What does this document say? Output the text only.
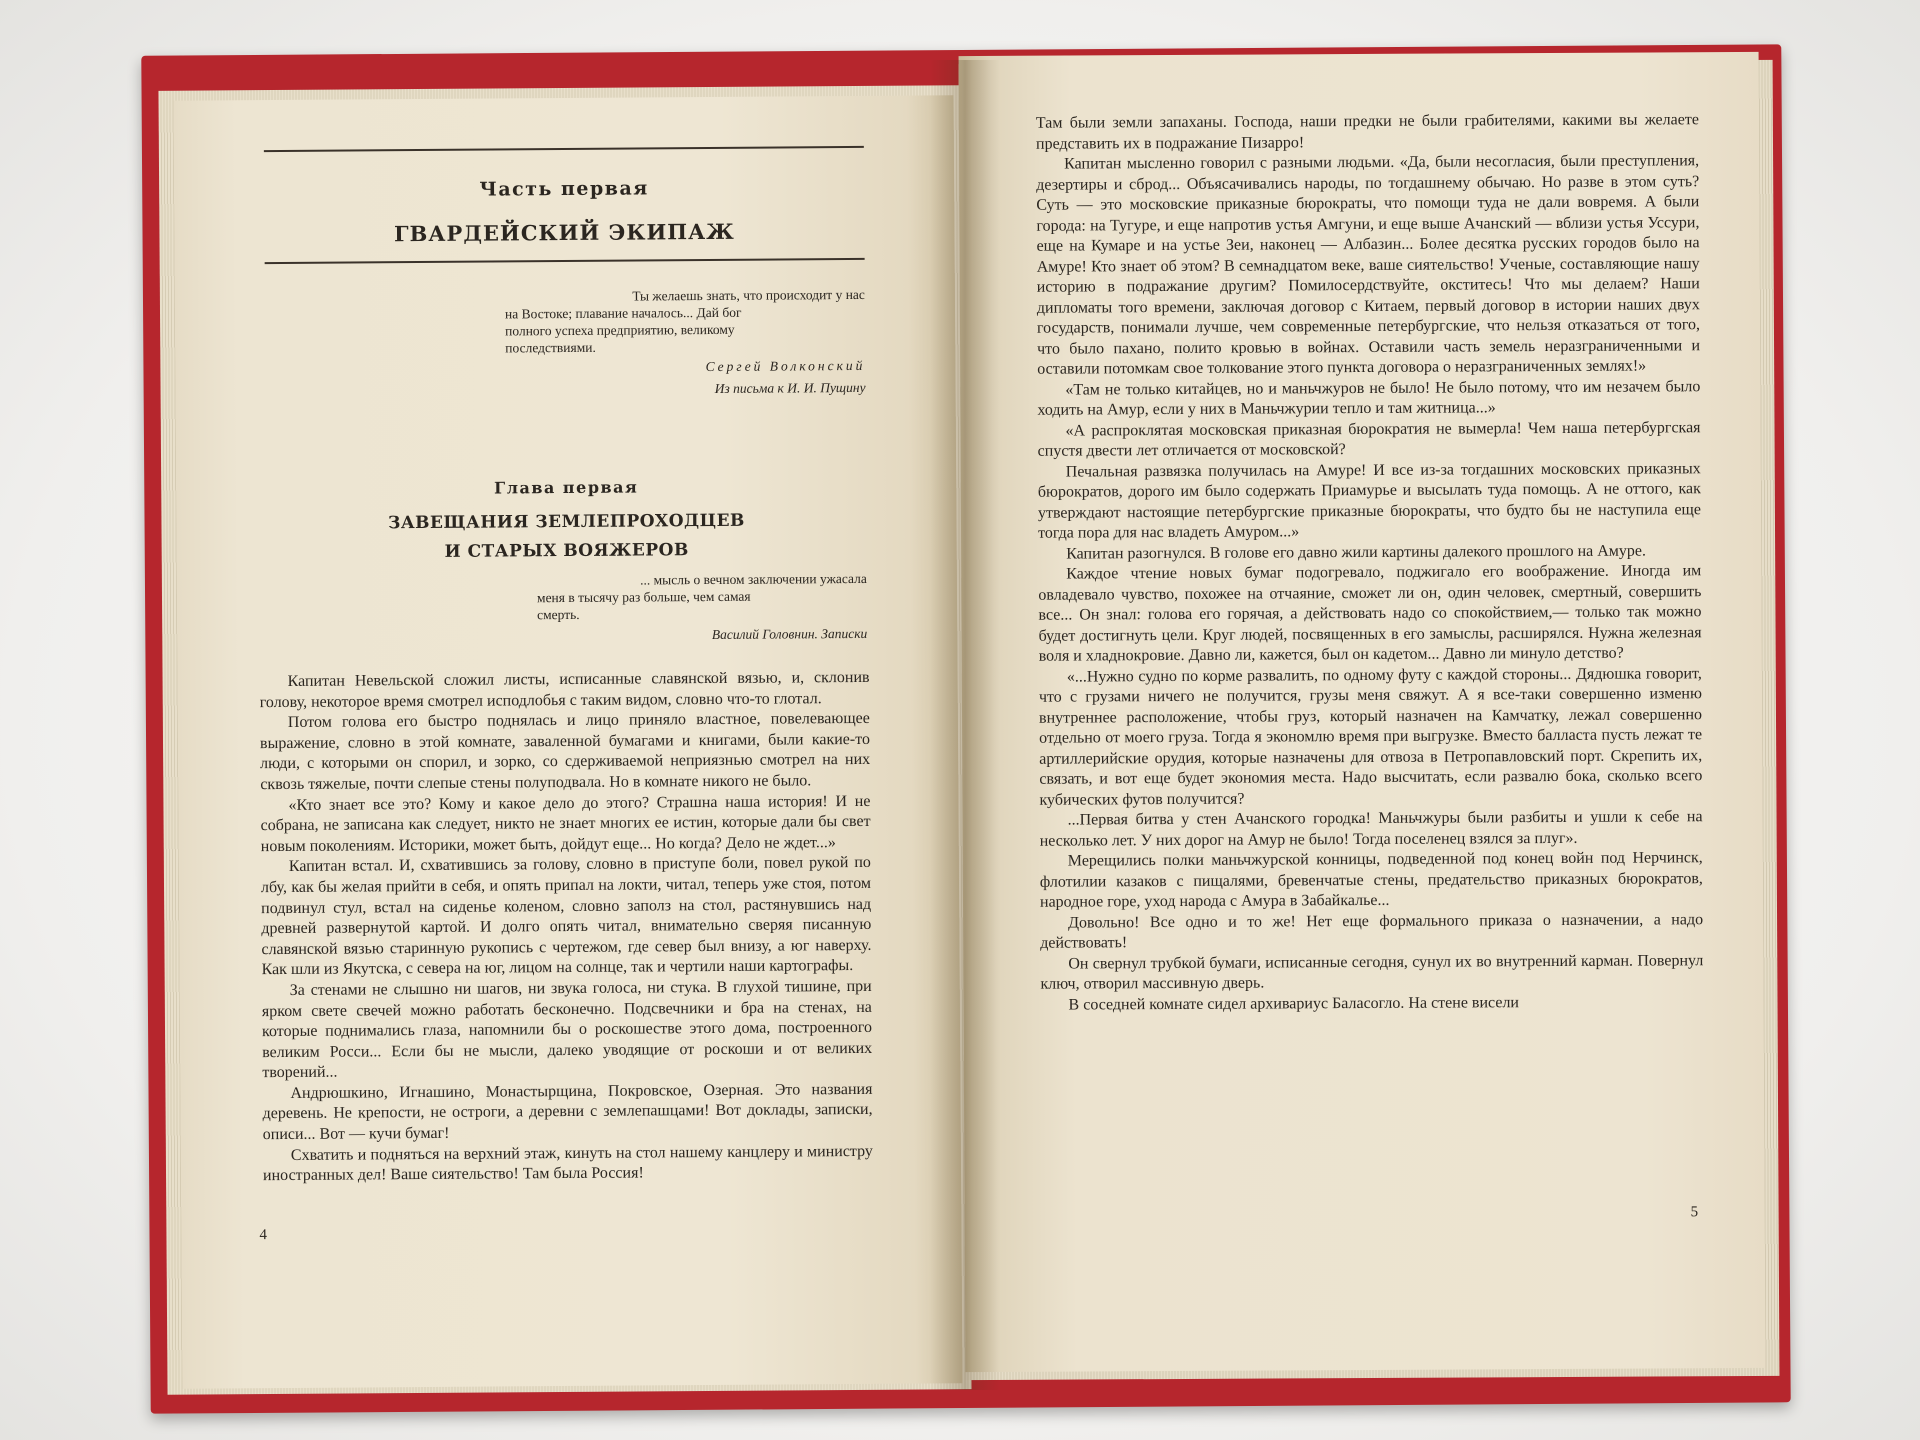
Часть первая
ГВАРДЕЙСКИЙ ЭКИПАЖ
Ты желаешь знать, что происходит у нас
на Востоке; плавание началось... Дай бог
полного успеха предприятию, великому
последствиями.
Сергей Волконский
Из письма к И. И. Пущину
Глава первая
ЗАВЕЩАНИЯ ЗЕМЛЕПРОХОДЦЕВ
И СТАРЫХ ВОЯЖЕРОВ
... мысль о вечном заключении ужасала
меня в тысячу раз больше, чем самая
смерть.
Василий Головнин. Записки

Капитан Невельской сложил листы, исписанные славянской вязью, и, склонив голову, некоторое время смотрел исподлобья с таким видом, словно что-то глотал.

Потом голова его быстро поднялась и лицо приняло властное, повелевающее выражение, словно в этой комнате, заваленной бумагами и книгами, были какие-то люди, с которыми он спорил, и зорко, со сдерживаемой неприязнью смотрел на них сквозь тяжелые, почти слепые стены полуподвала. Но в комнате никого не было.

«Кто знает все это? Кому и какое дело до этого? Страшна наша история! И не собрана, не записана как следует, никто не знает многих ее истин, которые дали бы свет новым поколениям. Историки, может быть, дойдут еще... Но когда? Дело не ждет...»

Капитан встал. И, схватившись за голову, словно в приступе боли, повел рукой по лбу, как бы желая прийти в себя, и опять припал на локти, читал, теперь уже стоя, потом подвинул стул, встал на сиденье коленом, словно заполз на стол, растянувшись над древней развернутой картой. И долго опять читал, внимательно сверяя писанную славянской вязью старинную рукопись с чертежом, где север был внизу, а юг наверху. Как шли из Якутска, с севера на юг, лицом на солнце, так и чертили наши картографы.

За стенами не слышно ни шагов, ни звука голоса, ни стука. В глухой тишине, при ярком свете свечей можно работать бесконечно. Подсвечники и бра на стенах, на которые поднимались глаза, напомнили бы о роскошестве этого дома, построенного великим Росси... Если бы не мысли, далеко уводящие от роскоши и от великих творений...

Андрюшкино, Игнашино, Монастырщина, Покровское, Озерная. Это названия деревень. Не крепости, не остроги, а деревни с землепашцами! Вот доклады, записки, описи... Вот — кучи бумаг!

Схватить и подняться на верхний этаж, кинуть на стол нашему канцлеру и министру иностранных дел! Ваше сиятельство! Там была Россия!

4

Там были земли запаханы. Господа, наши предки не были грабителями, какими вы желаете представить их в подражание Пизарро!

Капитан мысленно говорил с разными людьми. «Да, были несогласия, были преступления, дезертиры и сброд... Объясачивались народы, по тогдашнему обычаю. Но разве в этом суть? Суть — это московские приказные бюрократы, что помощи туда не дали вовремя. А были города: на Тугуре, и еще напротив устья Амгуни, и еще выше Ачанский — вблизи устья Уссури, еще на Кумаре и на устье Зеи, наконец — Албазин... Более десятка русских городов было на Амуре! Кто знает об этом? В семнадцатом веке, ваше сиятельство! Ученые, составляющие нашу историю в подражание другим? Помилосердствуйте, окститесь! Что мы делаем? Наши дипломаты того времени, заключая договор с Китаем, первый договор в истории наших двух государств, понимали лучше, чем современные петербургские, что нельзя отказаться от того, что было пахано, полито кровью в войнах. Оставили часть земель неразграниченными и оставили потомкам свое толкование этого пункта договора о неразграниченных землях!»

«Там не только китайцев, но и маньчжуров не было! Не было потому, что им незачем было ходить на Амур, если у них в Маньчжурии тепло и там житница...»

«А распроклятая московская приказная бюрократия не вымерла! Чем наша петербургская спустя двести лет отличается от московской?

Печальная развязка получилась на Амуре! И все из-за тогдашних московских приказных бюрократов, дорого им было содержать Приамурье и высылать туда помощь. А не оттого, как утверждают настоящие петербургские приказные бюрократы, что будто бы не наступила еще тогда пора для нас владеть Амуром...»

Капитан разогнулся. В голове его давно жили картины далекого прошлого на Амуре.

Каждое чтение новых бумаг подогревало, поджигало его воображение. Иногда им овладевало чувство, похожее на отчаяние, сможет ли он, один человек, смертный, совершить все... Он знал: голова его горячая, а действовать надо со спокойствием,— только так можно будет достигнуть цели. Круг людей, посвященных в его замыслы, расширялся. Нужна железная воля и хладнокровие. Давно ли, кажется, был он кадетом... Давно ли минуло детство?

«...Нужно судно по корме развалить, по одному футу с каждой стороны... Дядюшка говорит, что с грузами ничего не получится, грузы меня свяжут. А я все-таки совершенно изменю внутреннее расположение, чтобы груз, который назначен на Камчатку, лежал совершенно отдельно от моего груза. Тогда я экономлю время при выгрузке. Вместо балласта пусть лежат те артиллерийские орудия, которые назначены для отвоза в Петропавловский порт. Скрепить их, связать, и вот еще будет экономия места. Надо высчитать, если развалю бока, сколько всего кубических футов получится?

...Первая битва у стен Ачанского городка! Маньчжуры были разбиты и ушли к себе на несколько лет. У них дорог на Амур не было! Тогда поселенец взялся за плуг».

Мерещились полки маньчжурской конницы, подведенной под конец войн под Нерчинск, флотилии казаков с пищалями, бревенчатые стены, предательство приказных бюрократов, народное горе, уход народа с Амура в Забайкалье...

Довольно! Все одно и то же! Нет еще формального приказа о назначении, а надо действовать!

Он свернул трубкой бумаги, исписанные сегодня, сунул их во внутренний карман. Повернул ключ, отворил массивную дверь.

В соседней комнате сидел архивариус Баласогло. На стене висели

5
